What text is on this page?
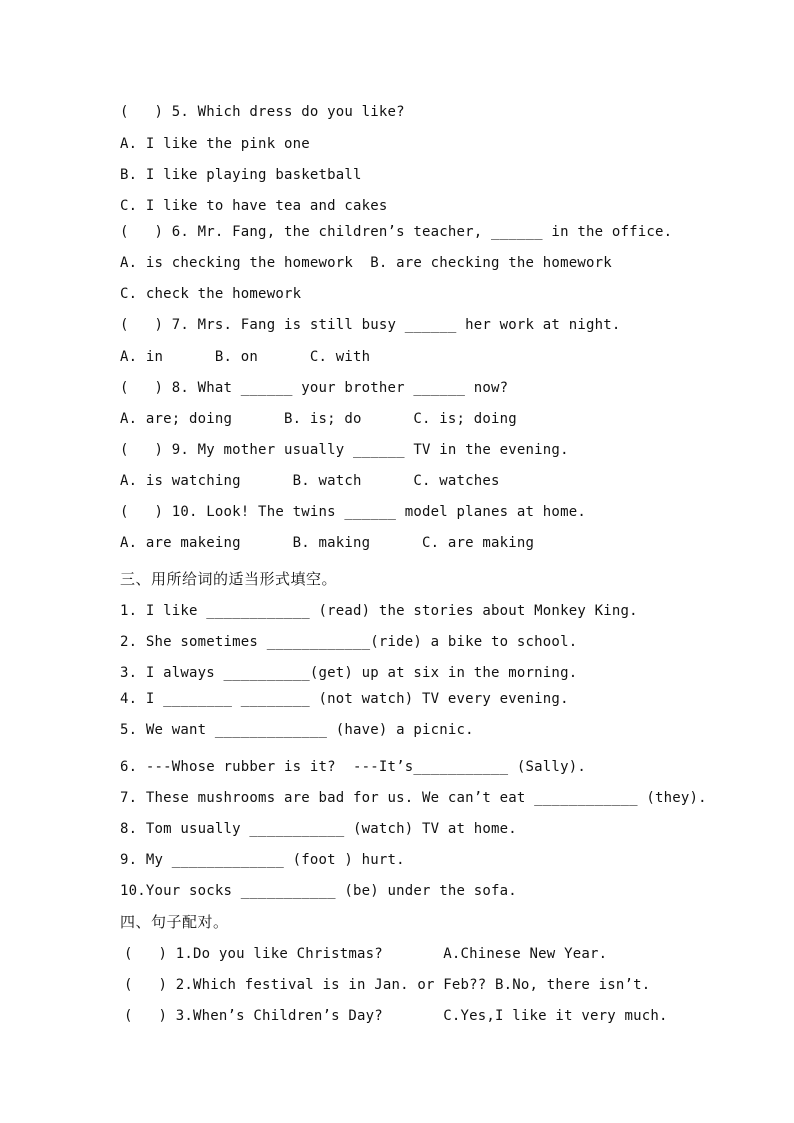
(   ) 5. Which dress do you like?
A. I like the pink one
B. I like playing basketball
C. I like to have tea and cakes
(   ) 6. Mr. Fang, the children’s teacher, ______ in the office.
A. is checking the homework  B. are checking the homework
C. check the homework
(   ) 7. Mrs. Fang is still busy ______ her work at night.
A. in      B. on      C. with
(   ) 8. What ______ your brother ______ now?
A. are; doing      B. is; do      C. is; doing
(   ) 9. My mother usually ______ TV in the evening.
A. is watching      B. watch      C. watches
(   ) 10. Look! The twins ______ model planes at home.
A. are makeing      B. making      C. are making
三、用所给词的适当形式填空。
1. I like ____________ (read) the stories about Monkey King.
2. She sometimes ____________(ride) a bike to school.
3. I always __________(get) up at six in the morning.
4. I ________ ________ (not watch) TV every evening.
5. We want _____________ (have) a picnic.
6. ---Whose rubber is it?  ---It’s___________ (Sally).
7. These mushrooms are bad for us. We can’t eat ____________ (they).
8. Tom usually ___________ (watch) TV at home.
9. My _____________ (foot ) hurt.
10.Your socks ___________ (be) under the sofa.
四、句子配对。
(   ) 1.Do you like Christmas?       A.Chinese New Year.
(   ) 2.Which festival is in Jan. or Feb?? B.No, there isn’t.
(   ) 3.When’s Children’s Day?       C.Yes,I like it very much.
